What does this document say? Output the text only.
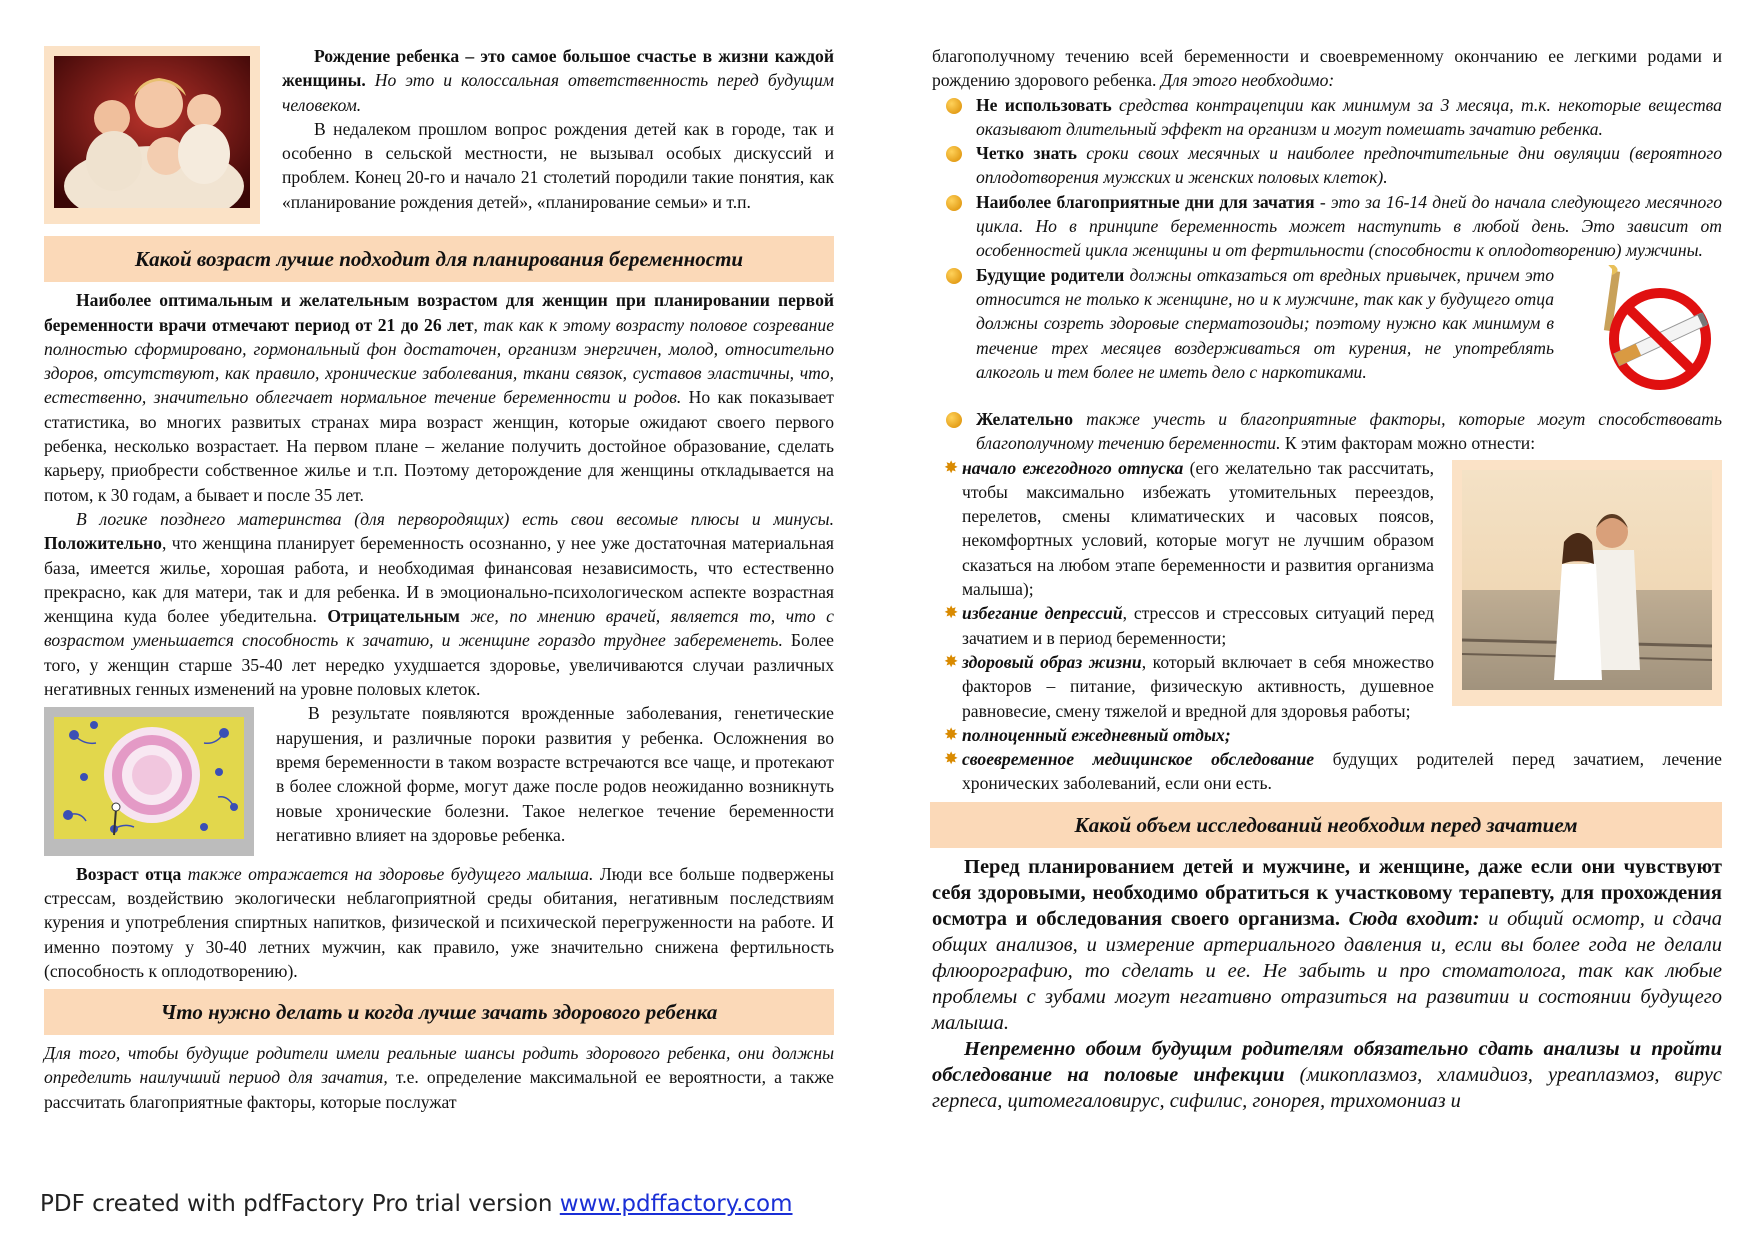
Рождение ребенка – это самое большое счастье в жизни каждой женщины. Но это и колоссальная ответственность перед будущим человеком.

В недалеком прошлом вопрос рождения детей как в городе, так и особенно в сельской местности, не вызывал особых дискуссий и проблем. Конец 20-го и начало 21 столетий породили такие понятия, как «планирование рождения детей», «планирование семьи» и т.п.

Какой возраст лучше подходит для планирования беременности

Наиболее оптимальным и желательным возрастом для женщин при планировании первой беременности врачи отмечают период от 21 до 26 лет, так как к этому возрасту половое созревание полностью сформировано, гормональный фон достаточен, организм энергичен, молод, относительно здоров, отсутствуют, как правило, хронические заболевания, ткани связок, суставов эластичны, что, естественно, значительно облегчает нормальное течение беременности и родов. Но как показывает статистика, во многих развитых странах мира возраст женщин, которые ожидают своего первого ребенка, несколько возрастает. На первом плане – желание получить достойное образование, сделать карьеру, приобрести собственное жилье и т.п. Поэтому деторождение для женщины откладывается на потом, к 30 годам, а бывает и после 35 лет.

В логике позднего материнства (для первородящих) есть свои весомые плюсы и минусы. Положительно, что женщина планирует беременность осознанно, у нее уже достаточная материальная база, имеется жилье, хорошая работа, и необходимая финансовая независимость, что естественно прекрасно, как для матери, так и для ребенка. И в эмоционально-психологическом аспекте возрастная женщина куда более убедительна. Отрицательным же, по мнению врачей, является то, что с возрастом уменьшается способность к зачатию, и женщине гораздо труднее забеременеть. Более того, у женщин старше 35-40 лет нередко ухудшается здоровье, увеличиваются случаи различных негативных генных изменений на уровне половых клеток.

В результате появляются врожденные заболевания, генетические нарушения, и различные пороки развития у ребенка. Осложнения во время беременности в таком возрасте встречаются все чаще, и протекают в более сложной форме, могут даже после родов неожиданно возникнуть новые хронические болезни. Такое нелегкое течение беременности негативно влияет на здоровье ребенка.

Возраст отца также отражается на здоровье будущего малыша. Люди все больше подвержены стрессам, воздействию экологически неблагоприятной среды обитания, негативным последствиям курения и употребления спиртных напитков, физической и психической перегруженности на работе. И именно поэтому у 30-40 летних мужчин, как правило, уже значительно снижена фертильность (способность к оплодотворению).

Что нужно делать и когда лучше зачать здорового ребенка

Для того, чтобы будущие родители имели реальные шансы родить здорового ребенка, они должны определить наилучший период для зачатия, т.е. определение максимальной ее вероятности, а также рассчитать благоприятные факторы, которые послужат

благополучному течению всей беременности и своевременному окончанию ее легкими родами и рождению здорового ребенка. Для этого необходимо:

Не использовать средства контрацепции как минимум за 3 месяца, т.к. некоторые вещества оказывают длительный эффект на организм и могут помешать зачатию ребенка.
Четко знать сроки своих месячных и наиболее предпочтительные дни овуляции (вероятного оплодотворения мужских и женских половых клеток).
Наиболее благоприятные дни для зачатия - это за 16-14 дней до начала следующего месячного цикла. Но в принципе беременность может наступить в любой день. Это зависит от особенностей цикла женщины и от фертильности (способности к оплодотворению) мужчины.
Будущие родители должны отказаться от вредных привычек, причем это относится не только к женщине, но и к мужчине, так как у будущего отца должны созреть здоровые сперматозоиды; поэтому нужно как минимум в течение трех месяцев воздерживаться от курения, не употреблять алкоголь и тем более не иметь дело с наркотиками.
Желательно также учесть и благоприятные факторы, которые могут способствовать благополучному течению беременности. К этим факторам можно отнести:
✸ начало ежегодного отпуска (его желательно так рассчитать, чтобы максимально избежать утомительных переездов, перелетов, смены климатических и часовых поясов, некомфортных условий, которые могут не лучшим образом сказаться на любом этапе беременности и развития организма малыша);
✸ избегание депрессий, стрессов и стрессовых ситуаций перед зачатием и в период беременности;
✸ здоровый образ жизни, который включает в себя множество факторов – питание, физическую активность, душевное равновесие, смену тяжелой и вредной для здоровья работы;
✸ полноценный ежедневный отдых;
✸ своевременное медицинское обследование будущих родителей перед зачатием, лечение хронических заболеваний, если они есть.
Какой объем исследований необходим перед зачатием

Перед планированием детей и мужчине, и женщине, даже если они чувствуют себя здоровыми, необходимо обратиться к участковому терапевту, для прохождения осмотра и обследования своего организма. Сюда входит: и общий осмотр, и сдача общих анализов, и измерение артериального давления и, если вы более года не делали флюорографию, то сделать и ее. Не забыть и про стоматолога, так как любые проблемы с зубами могут негативно отразиться на развитии и состоянии будущего малыша.

Непременно обоим будущим родителям обязательно сдать анализы и пройти обследование на половые инфекции (микоплазмоз, хламидиоз, уреаплазмоз, вирус герпеса, цитомегаловирус, сифилис, гонорея, трихомониаз и

PDF created with pdfFactory Pro trial version www.pdffactory.com
